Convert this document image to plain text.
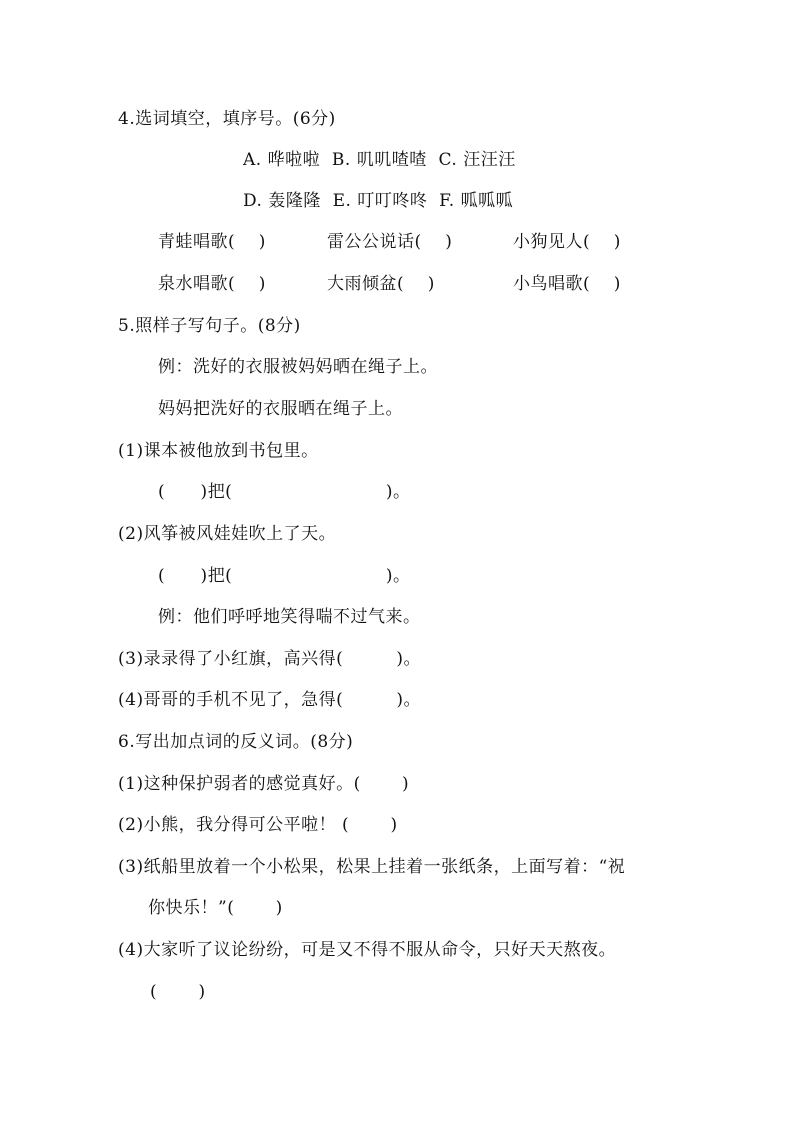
4.选词填空，填序号。(6分)
A. 哗啦啦  B. 叽叽喳喳  C. 汪汪汪
D. 轰隆隆  E. 叮叮咚咚  F. 呱呱呱
青蛙唱歌(    )	雷公公说话(    )	小狗见人(    )
泉水唱歌(    )	大雨倾盆(    )	小鸟唱歌(    )
5.照样子写句子。(8分)
例：洗好的衣服被妈妈晒在绳子上。
妈妈把洗好的衣服晒在绳子上。
(1)课本被他放到书包里。
(      )把(                          )。
(2)风筝被风娃娃吹上了天。
(      )把(                          )。
例：他们呼呼地笑得喘不过气来。
(3)录录得了小红旗，高兴得(         )。
(4)哥哥的手机不见了，急得(         )。
6.写出加点词的反义词。(8分)
(1)这种保护弱者的感觉真好。(       )
(2)小熊，我分得可公平啦！ (       )
(3)纸船里放着一个小松果，松果上挂着一张纸条，上面写着：“祝
你快乐！”(       )
(4)大家听了议论纷纷，可是又不得不服从命令，只好天天熬夜。
(       )
